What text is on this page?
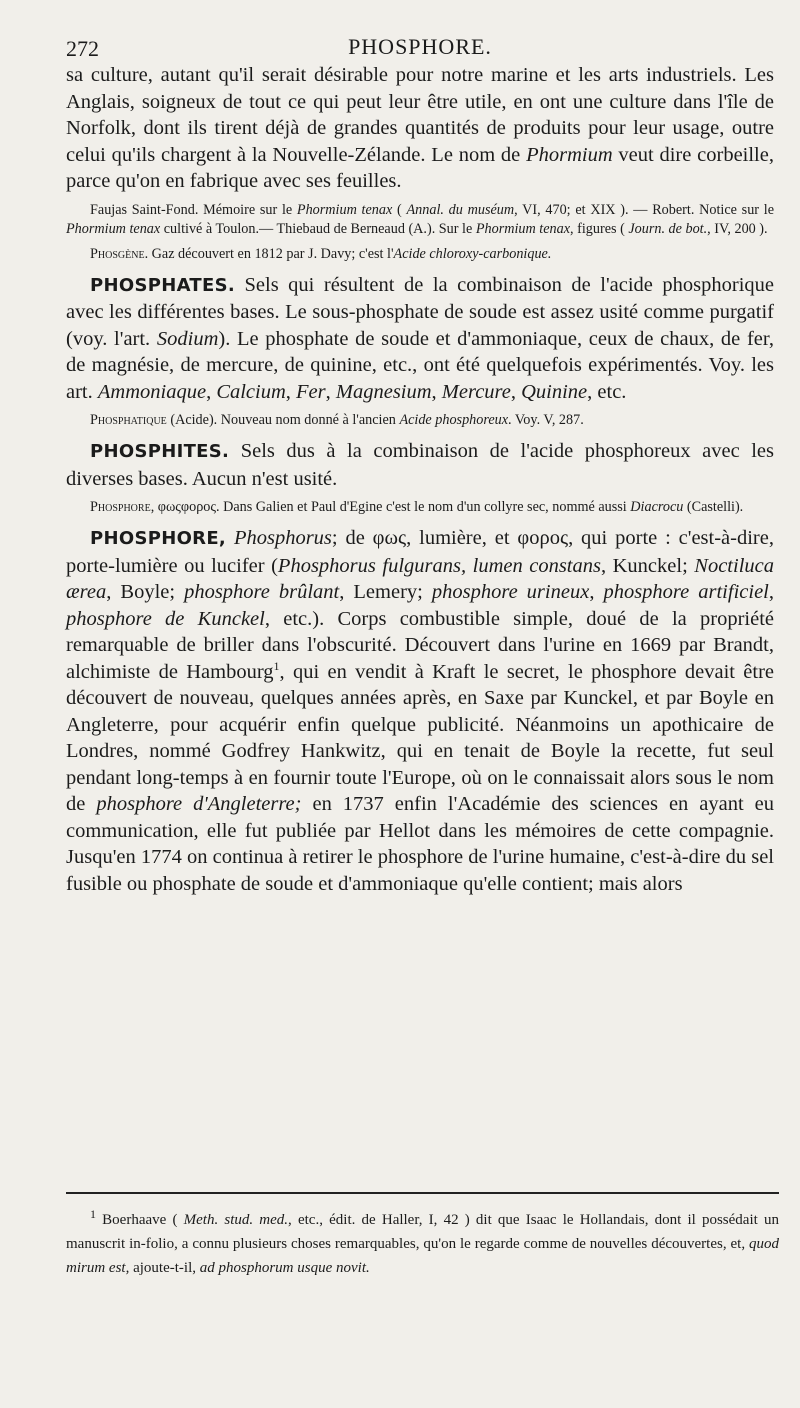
272	PHOSPHORE.

sa culture, autant qu'il serait désirable pour notre marine et les arts industriels. Les Anglais, soigneux de tout ce qui peut leur être utile, en ont une culture dans l'île de Norfolk, dont ils tirent déjà de grandes quantités de produits pour leur usage, outre celui qu'ils chargent à la Nouvelle-Zélande. Le nom de Phormium veut dire corbeille, parce qu'on en fabrique avec ses feuilles.

Faujas Saint-Fond. Mémoire sur le Phormium tenax ( Annal. du muséum, VI, 470; et XIX ). — Robert. Notice sur le Phormium tenax cultivé à Toulon.— Thiebaud de Berneaud (A.). Sur le Phormium tenax, figures ( Journ. de bot., IV, 200 ).

Phosgène. Gaz découvert en 1812 par J. Davy; c'est l'Acide chloroxy-carbonique.

PHOSPHATES. Sels qui résultent de la combinaison de l'acide phosphorique avec les différentes bases. Le sous-phosphate de soude est assez usité comme purgatif (voy. l'art. Sodium). Le phosphate de soude et d'ammoniaque, ceux de chaux, de fer, de magnésie, de mercure, de quinine, etc., ont été quelquefois expérimentés. Voy. les art. Ammoniaque, Calcium, Fer, Magnesium, Mercure, Quinine, etc.

Phosphatique (Acide). Nouveau nom donné à l'ancien Acide phosphoreux. Voy. V, 287.

PHOSPHITES. Sels dus à la combinaison de l'acide phosphoreux avec les diverses bases. Aucun n'est usité.

Phosphore, φωςφορος. Dans Galien et Paul d'Egine c'est le nom d'un collyre sec, nommé aussi Diacrocu (Castelli).

PHOSPHORE, Phosphorus; de φως, lumière, et φορος, qui porte : c'est-à-dire, porte-lumière ou lucifer (Phosphorus fulgurans, lumen constans, Kunckel; Noctiluca ærea, Boyle; phosphore brûlant, Lemery; phosphore urineux, phosphore artificiel, phosphore de Kunckel, etc.). Corps combustible simple, doué de la propriété remarquable de briller dans l'obscurité. Découvert dans l'urine en 1669 par Brandt, alchimiste de Hambourg$^1$, qui en vendit à Kraft le secret, le phosphore devait être découvert de nouveau, quelques années après, en Saxe par Kunckel, et par Boyle en Angleterre, pour acquérir enfin quelque publicité. Néanmoins un apothicaire de Londres, nommé Godfrey Hankwitz, qui en tenait de Boyle la recette, fut seul pendant long-temps à en fournir toute l'Europe, où on le connaissait alors sous le nom de phosphore d'Angleterre; en 1737 enfin l'Académie des sciences en ayant eu communication, elle fut publiée par Hellot dans les mémoires de cette compagnie. Jusqu'en 1774 on continua à retirer le phosphore de l'urine humaine, c'est-à-dire du sel fusible ou phosphate de soude et d'ammoniaque qu'elle contient; mais alors

$^1$ Boerhaave ( Meth. stud. med., etc., édit. de Haller, I, 42 ) dit que Isaac le Hollandais, dont il possédait un manuscrit in-folio, a connu plusieurs choses remarquables, qu'on le regarde comme de nouvelles découvertes, et, quod mirum est, ajoute-t-il, ad phosphorum usque novit.
